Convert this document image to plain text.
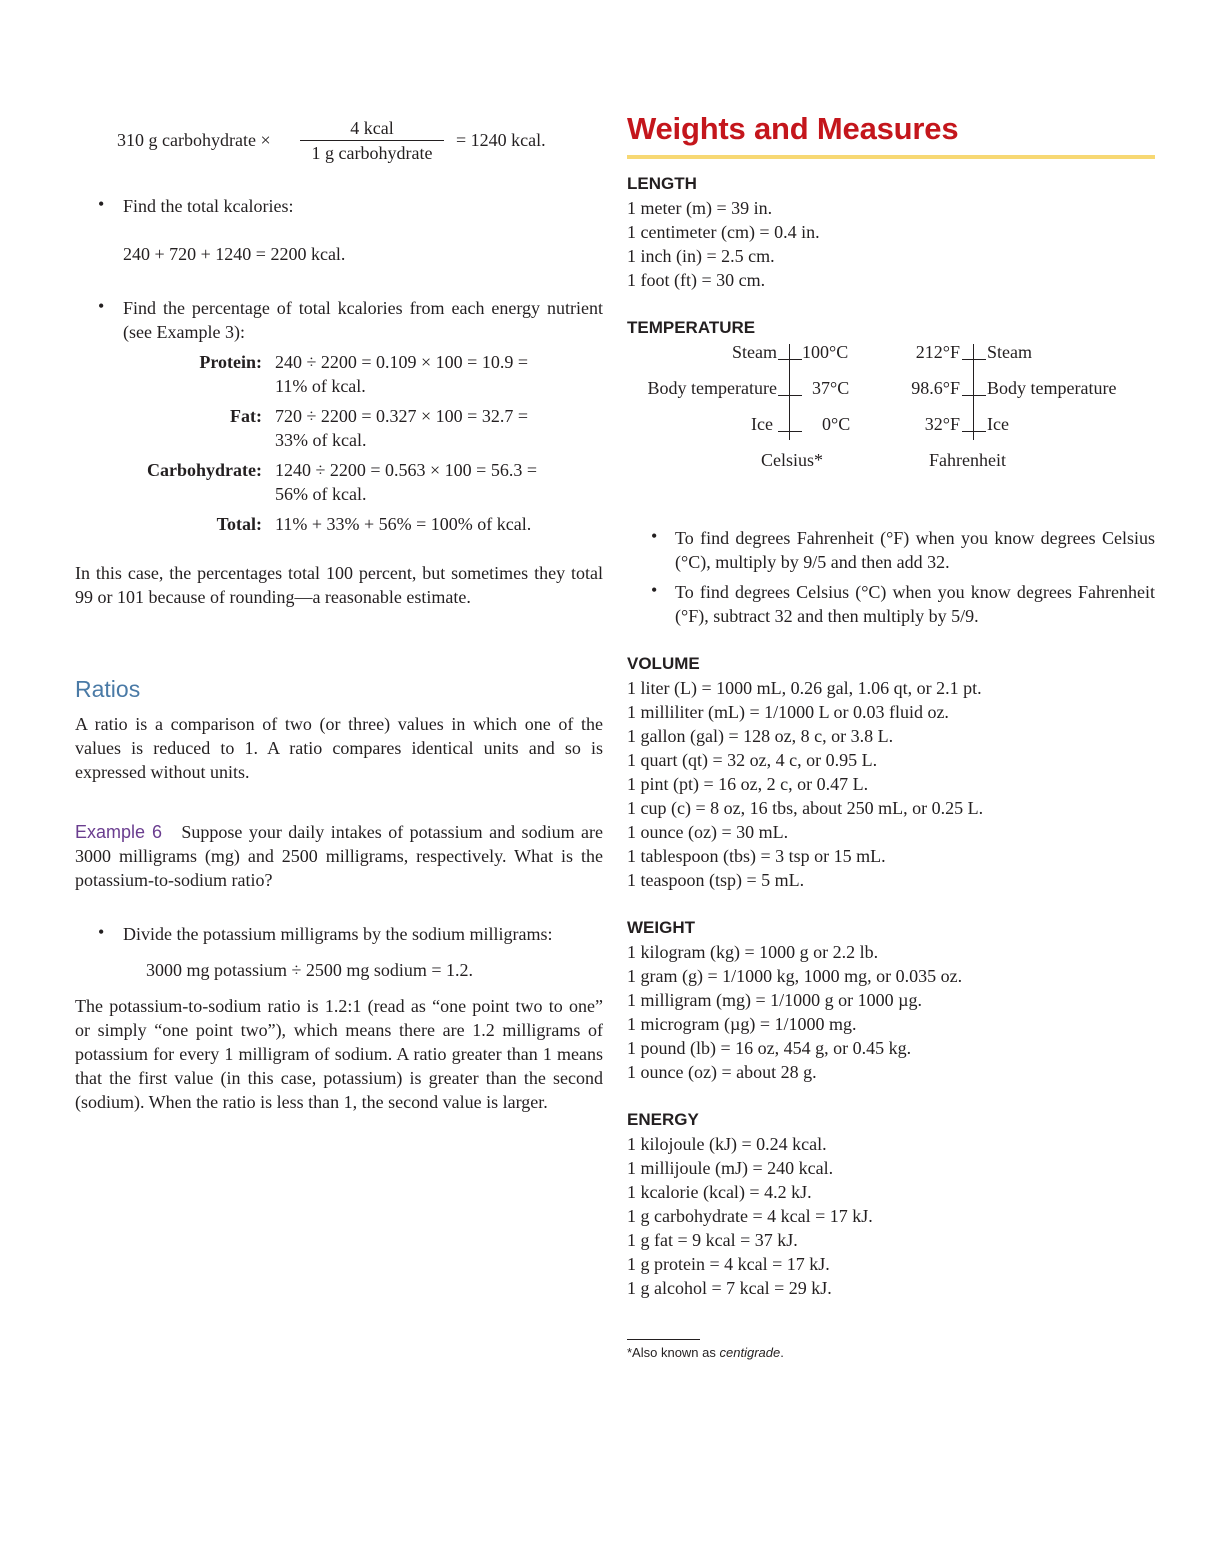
310 g carbohydrate ×
4 kcal
1 g carbohydrate
= 1240 kcal.
• Find the total kcalories:
240 + 720 + 1240 = 2200 kcal.
• Find the percentage of total kcalories from each energy nutrient (see Example 3):
Protein: 240 ÷ 2200 = 0.109 × 100 = 10.9 =
11% of kcal.
Fat: 720 ÷ 2200 = 0.327 × 100 = 32.7 =
33% of kcal.
Carbohydrate: 1240 ÷ 2200 = 0.563 × 100 = 56.3 =
56% of kcal.
Total: 11% + 33% + 56% = 100% of kcal.
In this case, the percentages total 100 percent, but sometimes they total 99 or 101 because of rounding—a reasonable estimate.
Ratios
A ratio is a comparison of two (or three) values in which one of the values is reduced to 1. A ratio compares identical units and so is expressed without units.
Example 6 Suppose your daily intakes of potassium and sodium are 3000 milligrams (mg) and 2500 milligrams, respectively. What is the potassium-to-sodium ratio?
• Divide the potassium milligrams by the sodium milligrams:
3000 mg potassium ÷ 2500 mg sodium = 1.2.
The potassium-to-sodium ratio is 1.2:1 (read as “one point two to one” or simply “one point two”), which means there are 1.2 milligrams of potassium for every 1 milligram of sodium. A ratio greater than 1 means that the first value (in this case, potassium) is greater than the second (sodium). When the ratio is less than 1, the second value is larger.
Weights and Measures
LENGTH
1 meter (m) = 39 in.
1 centimeter (cm) = 0.4 in.
1 inch (in) = 2.5 cm.
1 foot (ft) = 30 cm.
TEMPERATURE
Steam 100°C
Body temperature 37°C
Ice	0°C
Celsius*
212°F Steam
98.6°F Body temperature
32°F Ice
Fahrenheit
• To find degrees Fahrenheit (°F) when you know degrees Celsius (°C), multiply by 9/5 and then add 32.
• To find degrees Celsius (°C) when you know degrees Fahrenheit (°F), subtract 32 and then multiply by 5/9.
VOLUME
1 liter (L) = 1000 mL, 0.26 gal, 1.06 qt, or 2.1 pt.
1 milliliter (mL) = 1/1000 L or 0.03 fluid oz.
1 gallon (gal) = 128 oz, 8 c, or 3.8 L.
1 quart (qt) = 32 oz, 4 c, or 0.95 L.
1 pint (pt) = 16 oz, 2 c, or 0.47 L.
1 cup (c) = 8 oz, 16 tbs, about 250 mL, or 0.25 L.
1 ounce (oz) = 30 mL.
1 tablespoon (tbs) = 3 tsp or 15 mL.
1 teaspoon (tsp) = 5 mL.
WEIGHT
1 kilogram (kg) = 1000 g or 2.2 lb.
1 gram (g) = 1/1000 kg, 1000 mg, or 0.035 oz.
1 milligram (mg) = 1/1000 g or 1000 µg.
1 microgram (µg) = 1/1000 mg.
1 pound (lb) = 16 oz, 454 g, or 0.45 kg.
1 ounce (oz) = about 28 g.
ENERGY
1 kilojoule (kJ) = 0.24 kcal.
1 millijoule (mJ) = 240 kcal.
1 kcalorie (kcal) = 4.2 kJ.
1 g carbohydrate = 4 kcal = 17 kJ.
1 g fat = 9 kcal = 37 kJ.
1 g protein = 4 kcal = 17 kJ.
1 g alcohol = 7 kcal = 29 kJ.
*Also known as centigrade.
